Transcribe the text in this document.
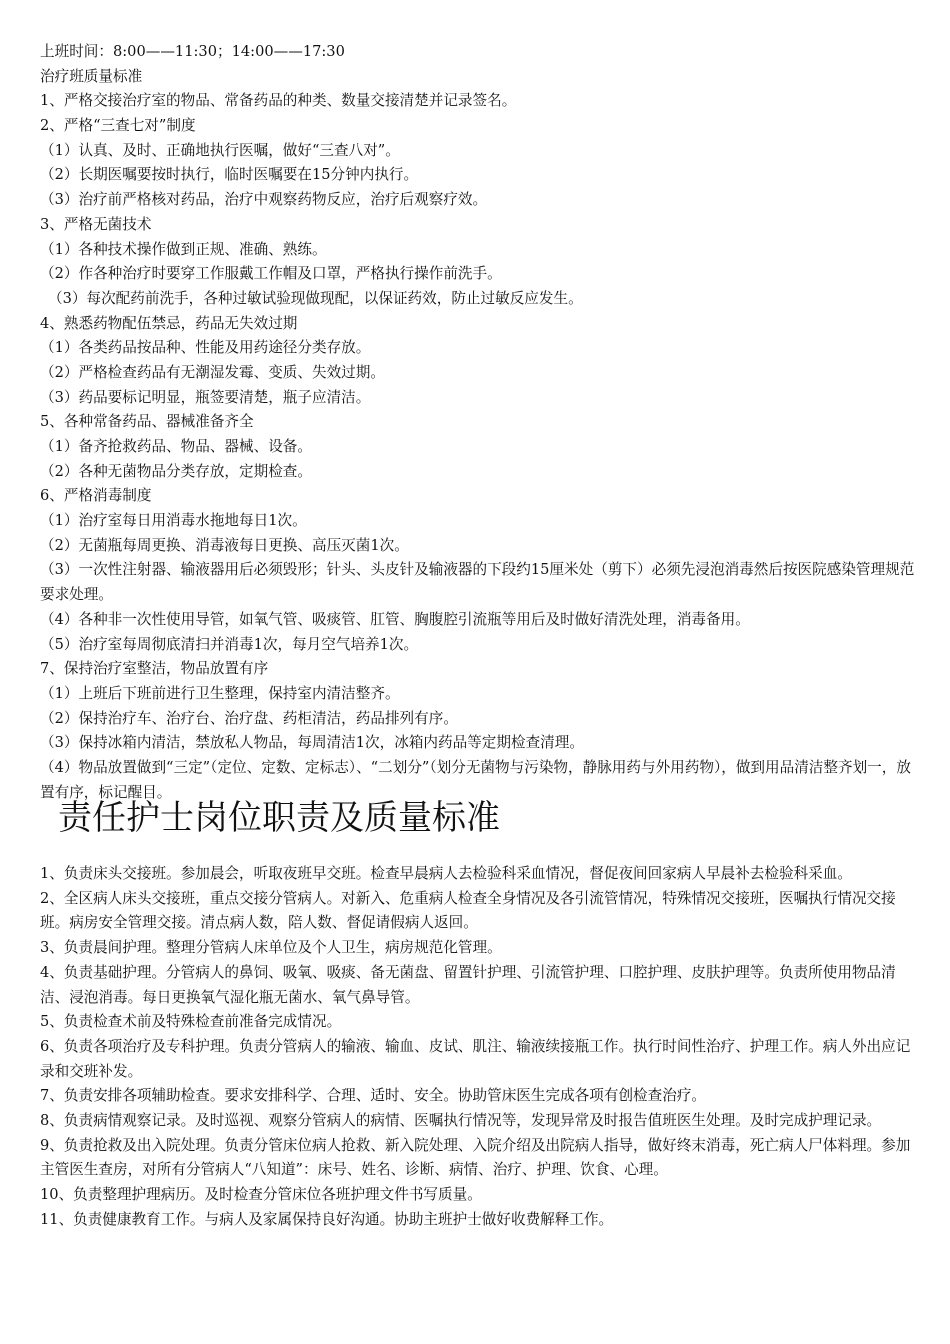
上班时间：8:00——11:30；14:00——17:30
治疗班质量标准
1、严格交接治疗室的物品、常备药品的种类、数量交接清楚并记录签名。
2、严格“三查七对”制度
（1）认真、及时、正确地执行医嘱，做好“三查八对”。
（2）长期医嘱要按时执行，临时医嘱要在15分钟内执行。
（3）治疗前严格核对药品，治疗中观察药物反应，治疗后观察疗效。
3、严格无菌技术
（1）各种技术操作做到正规、准确、熟练。
（2）作各种治疗时要穿工作服戴工作帽及口罩，严格执行操作前洗手。
（3）每次配药前洗手，各种过敏试验现做现配，以保证药效，防止过敏反应发生。
4、熟悉药物配伍禁忌，药品无失效过期
（1）各类药品按品种、性能及用药途径分类存放。
（2）严格检查药品有无潮湿发霉、变质、失效过期。
（3）药品要标记明显，瓶签要清楚，瓶子应清洁。
5、各种常备药品、器械准备齐全
（1）备齐抢救药品、物品、器械、设备。
（2）各种无菌物品分类存放，定期检查。
6、严格消毒制度
（1）治疗室每日用消毒水拖地每日1次。
（2）无菌瓶每周更换、消毒液每日更换、高压灭菌1次。
（3）一次性注射器、输液器用后必须毁形；针头、头皮针及输液器的下段约15厘米处（剪下）必须先浸泡消毒然后按医院感染管理规范要求处理。
（4）各种非一次性使用导管，如氧气管、吸痰管、肛管、胸腹腔引流瓶等用后及时做好清洗处理，消毒备用。
（5）治疗室每周彻底清扫并消毒1次，每月空气培养1次。
7、保持治疗室整洁，物品放置有序
（1）上班后下班前进行卫生整理，保持室内清洁整齐。
（2）保持治疗车、治疗台、治疗盘、药柜清洁，药品排列有序。
（3）保持冰箱内清洁，禁放私人物品，每周清洁1次，冰箱内药品等定期检查清理。
（4）物品放置做到“三定”（定位、定数、定标志）、“二划分”（划分无菌物与污染物，静脉用药与外用药物），做到用品清洁整齐划一，放置有序，标记醒目。
责任护士岗位职责及质量标准
1、负责床头交接班。参加晨会，听取夜班早交班。检查早晨病人去检验科采血情况，督促夜间回家病人早晨补去检验科采血。
2、全区病人床头交接班，重点交接分管病人。对新入、危重病人检查全身情况及各引流管情况，特殊情况交接班，医嘱执行情况交接班。病房安全管理交接。清点病人数，陪人数、督促请假病人返回。
3、负责晨间护理。整理分管病人床单位及个人卫生，病房规范化管理。
4、负责基础护理。分管病人的鼻饲、吸氧、吸痰、备无菌盘、留置针护理、引流管护理、口腔护理、皮肤护理等。负责所使用物品清洁、浸泡消毒。每日更换氧气湿化瓶无菌水、氧气鼻导管。
5、负责检查术前及特殊检查前准备完成情况。
6、负责各项治疗及专科护理。负责分管病人的输液、输血、皮试、肌注、输液续接瓶工作。执行时间性治疗、护理工作。病人外出应记录和交班补发。
7、负责安排各项辅助检查。要求安排科学、合理、适时、安全。协助管床医生完成各项有创检查治疗。
8、负责病情观察记录。及时巡视、观察分管病人的病情、医嘱执行情况等，发现异常及时报告值班医生处理。及时完成护理记录。
9、负责抢救及出入院处理。负责分管床位病人抢救、新入院处理、入院介绍及出院病人指导，做好终末消毒，死亡病人尸体料理。参加主管医生查房，对所有分管病人“八知道”：床号、姓名、诊断、病情、治疗、护理、饮食、心理。
10、负责整理护理病历。及时检查分管床位各班护理文件书写质量。
11、负责健康教育工作。与病人及家属保持良好沟通。协助主班护士做好收费解释工作。
